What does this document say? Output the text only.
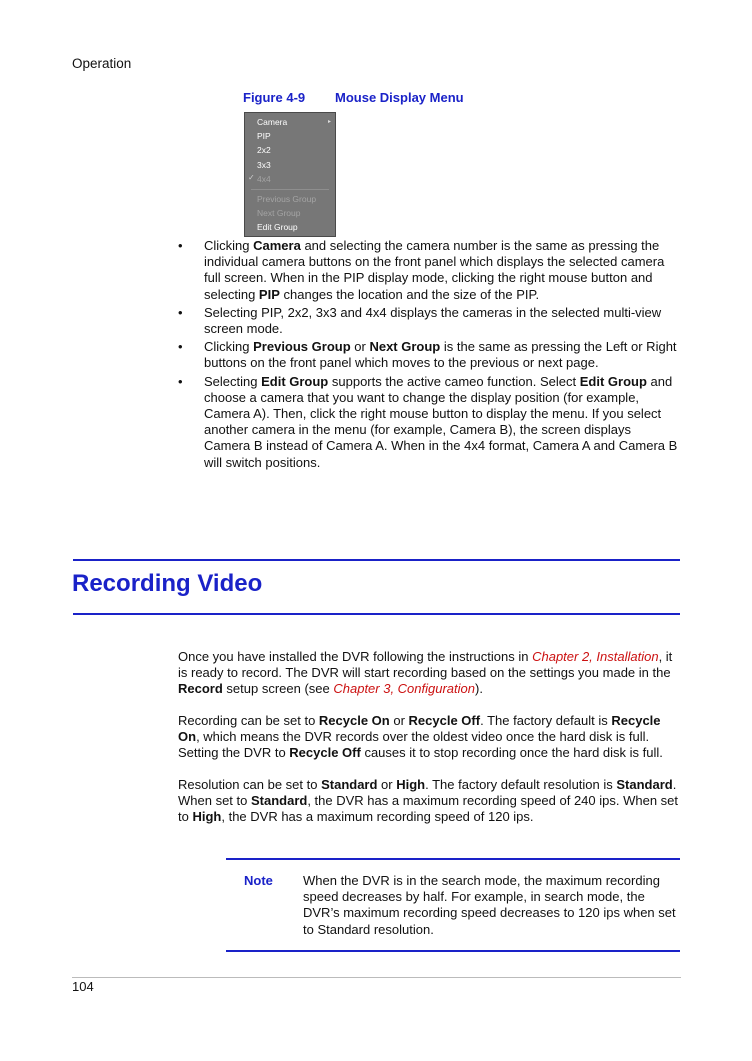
Operation
Figure 4-9 Mouse Display Menu
Camera	▸
PIP
2x2
3x3
✓ 4x4
Previous Group
Next Group
Edit Group
• Clicking Camera and selecting the camera number is the same as pressing the individual camera buttons on the front panel which displays the selected camera full screen. When in the PIP display mode, clicking the right mouse button and selecting PIP changes the location and the size of the PIP.
• Selecting PIP, 2x2, 3x3 and 4x4 displays the cameras in the selected multi-view screen mode.
• Clicking Previous Group or Next Group is the same as pressing the Left or Right buttons on the front panel which moves to the previous or next page.
• Selecting Edit Group supports the active cameo function. Select Edit Group and choose a camera that you want to change the display position (for example, Camera A). Then, click the right mouse button to display the menu. If you select another camera in the menu (for example, Camera B), the screen displays Camera B instead of Camera A. When in the 4x4 format, Camera A and Camera B will switch positions.
Recording Video
Once you have installed the DVR following the instructions in Chapter 2, Installation, it is ready to record. The DVR will start recording based on the settings you made in the Record setup screen (see Chapter 3, Configuration).
Recording can be set to Recycle On or Recycle Off. The factory default is Recycle On, which means the DVR records over the oldest video once the hard disk is full. Setting the DVR to Recycle Off causes it to stop recording once the hard disk is full.
Resolution can be set to Standard or High. The factory default resolution is Standard. When set to Standard, the DVR has a maximum recording speed of 240 ips. When set to High, the DVR has a maximum recording speed of 120 ips.
Note When the DVR is in the search mode, the maximum recording speed decreases by half. For example, in search mode, the DVR’s maximum recording speed decreases to 120 ips when set to Standard resolution.
104
